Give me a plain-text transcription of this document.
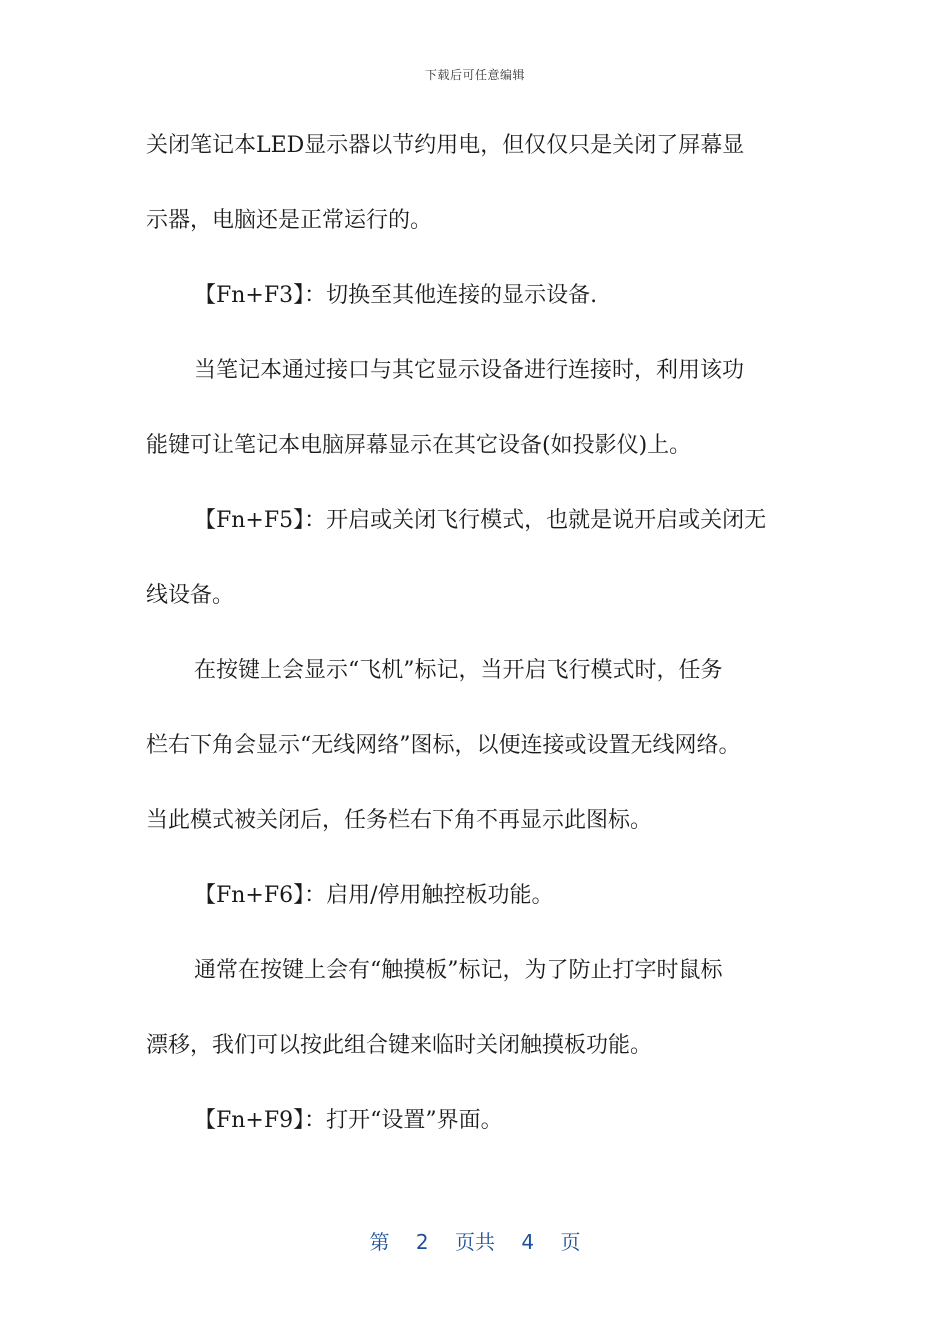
下载后可任意编辑
关闭笔记本LED显示器以节约用电，但仅仅只是关闭了屏幕显
示器，电脑还是正常运行的。
【Fn+F3】：切换至其他连接的显示设备.
当笔记本通过接口与其它显示设备进行连接时，利用该功
能键可让笔记本电脑屏幕显示在其它设备(如投影仪)上。
【Fn+F5】：开启或关闭飞行模式，也就是说开启或关闭无
线设备。
在按键上会显示“飞机”标记，当开启飞行模式时，任务
栏右下角会显示“无线网络”图标，以便连接或设置无线网络。
当此模式被关闭后，任务栏右下角不再显示此图标。
【Fn+F6】：启用/停用触控板功能。
通常在按键上会有“触摸板”标记，为了防止打字时鼠标
漂移，我们可以按此组合键来临时关闭触摸板功能。
【Fn+F9】：打开“设置”界面。
第 2 页共 4 页
